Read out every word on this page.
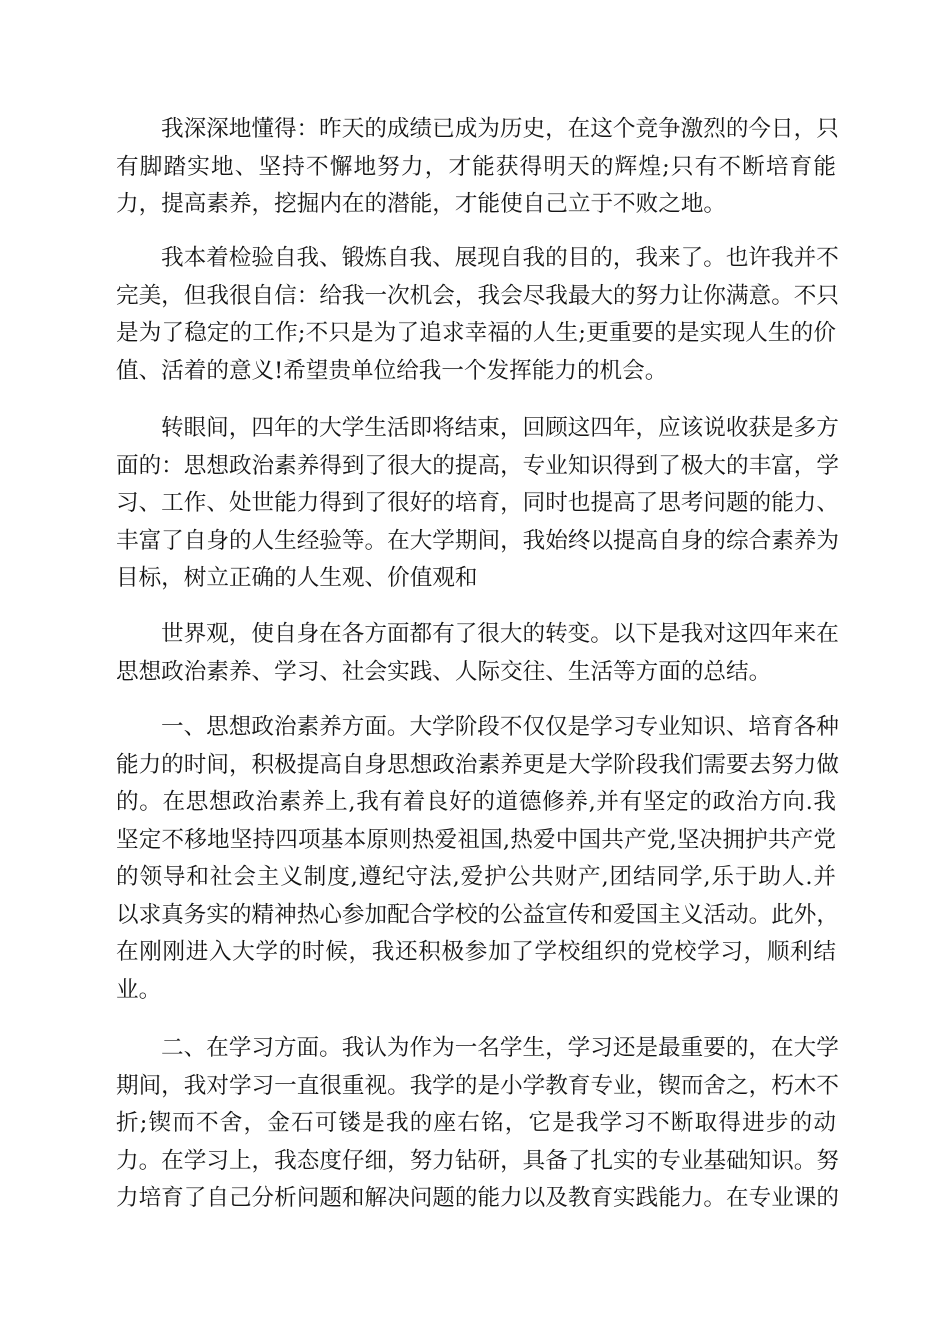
我深深地懂得：昨天的成绩已成为历史，在这个竞争激烈的今日，只
有脚踏实地、坚持不懈地努力，才能获得明天的辉煌;只有不断培育能
力，提高素养，挖掘内在的潜能，才能使自己立于不败之地。
我本着检验自我、锻炼自我、展现自我的目的，我来了。也许我并不
完美，但我很自信：给我一次机会，我会尽我最大的努力让你满意。不只
是为了稳定的工作;不只是为了追求幸福的人生;更重要的是实现人生的价
值、活着的意义!希望贵单位给我一个发挥能力的机会。
转眼间，四年的大学生活即将结束，回顾这四年，应该说收获是多方
面的：思想政治素养得到了很大的提高，专业知识得到了极大的丰富，学
习、工作、处世能力得到了很好的培育，同时也提高了思考问题的能力、
丰富了自身的人生经验等。在大学期间，我始终以提高自身的综合素养为
目标，树立正确的人生观、价值观和
世界观，使自身在各方面都有了很大的转变。以下是我对这四年来在
思想政治素养、学习、社会实践、人际交往、生活等方面的总结。
一、思想政治素养方面。大学阶段不仅仅是学习专业知识、培育各种
能力的时间，积极提高自身思想政治素养更是大学阶段我们需要去努力做
的。在思想政治素养上,我有着良好的道德修养,并有坚定的政治方向.我
坚定不移地坚持四项基本原则热爱祖国,热爱中国共产党,坚决拥护共产党
的领导和社会主义制度,遵纪守法,爱护公共财产,团结同学,乐于助人.并
以求真务实的精神热心参加配合学校的公益宣传和爱国主义活动。此外，
在刚刚进入大学的时候，我还积极参加了学校组织的党校学习，顺利结
业。
二、在学习方面。我认为作为一名学生，学习还是最重要的，在大学
期间，我对学习一直很重视。我学的是小学教育专业，锲而舍之，朽木不
折;锲而不舍，金石可镂是我的座右铭，它是我学习不断取得进步的动
力。在学习上，我态度仔细，努力钻研，具备了扎实的专业基础知识。努
力培育了自己分析问题和解决问题的能力以及教育实践能力。在专业课的
